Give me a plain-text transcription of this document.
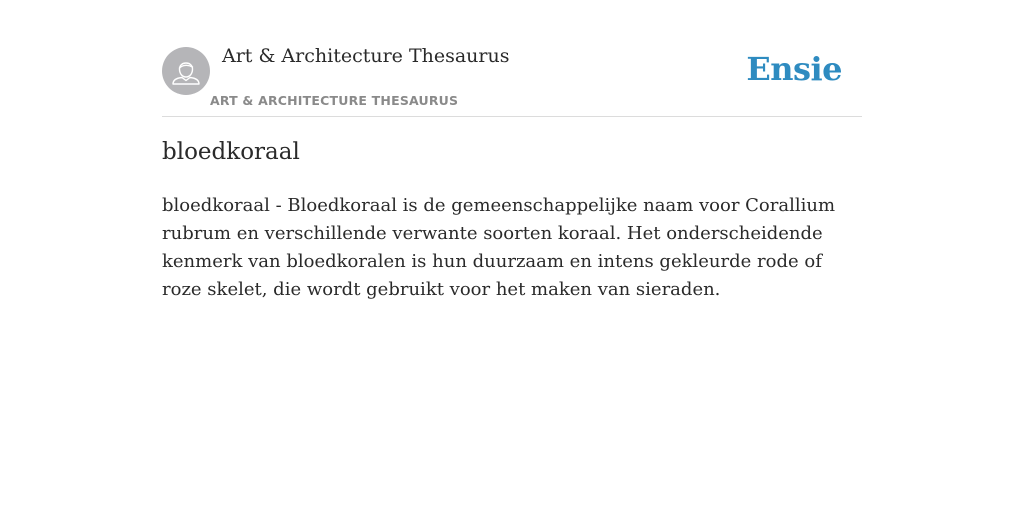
Art & Architecture Thesaurus
ART & ARCHITECTURE THESAURUS
Ensie
bloedkoraal

bloedkoraal - Bloedkoraal is de gemeenschappelijke naam voor Corallium rubrum en verschillende verwante soorten koraal. Het onderscheidende kenmerk van bloedkoralen is hun duurzaam en intens gekleurde rode of roze skelet, die wordt gebruikt voor het maken van sieraden.
